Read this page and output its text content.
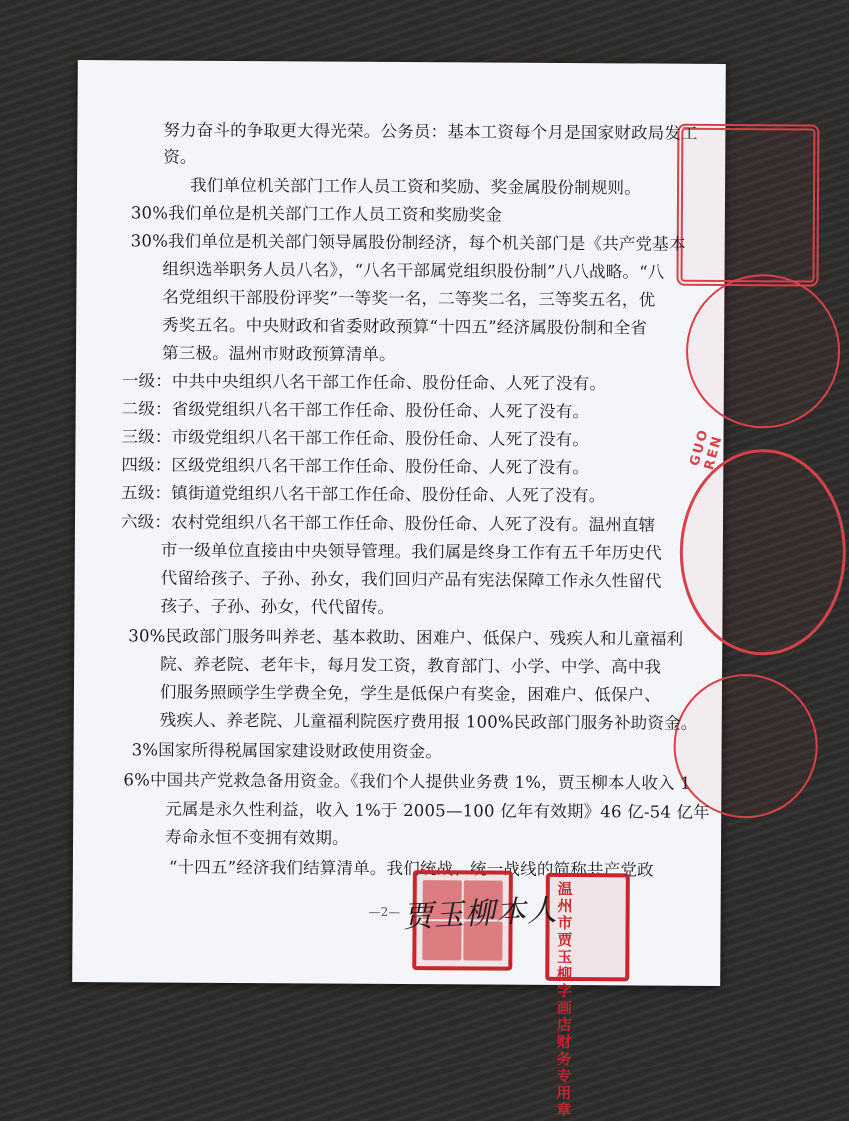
GUO REN
努力奋斗的争取更大得光荣。公务员：基本工资每个月是国家财政局发工
资。
我们单位机关部门工作人员工资和奖励、奖金属股份制规则。
30%我们单位是机关部门工作人员工资和奖励奖金
30%我们单位是机关部门领导属股份制经济，每个机关部门是《共产党基本
组织选举职务人员八名》，“八名干部属党组织股份制”八八战略。“八
名党组织干部股份评奖”一等奖一名，二等奖二名，三等奖五名，优
秀奖五名。中央财政和省委财政预算“十四五”经济属股份制和全省
第三极。温州市财政预算清单。
一级：中共中央组织八名干部工作任命、股份任命、人死了没有。
二级：省级党组织八名干部工作任命、股份任命、人死了没有。
三级：市级党组织八名干部工作任命、股份任命、人死了没有。
四级：区级党组织八名干部工作任命、股份任命、人死了没有。
五级：镇街道党组织八名干部工作任命、股份任命、人死了没有。
六级：农村党组织八名干部工作任命、股份任命、人死了没有。温州直辖
市一级单位直接由中央领导管理。我们属是终身工作有五千年历史代
代留给孩子、子孙、孙女，我们回归产品有宪法保障工作永久性留代
孩子、子孙、孙女，代代留传。
30%民政部门服务叫养老、基本救助、困难户、低保户、残疾人和儿童福利
院、养老院、老年卡，每月发工资，教育部门、小学、中学、高中我
们服务照顾学生学费全免，学生是低保户有奖金，困难户、低保户、
残疾人、养老院、儿童福利院医疗费用报 100%民政部门服务补助资金。
3%国家所得税属国家建设财政使用资金。
6%中国共产党救急备用资金。《我们个人提供业务费 1%，贾玉柳本人收入 1
元属是永久性利益，收入 1%于 2005—100 亿年有效期》46 亿-54 亿年
寿命永恒不变拥有效期。
“十四五”经济我们结算清单。我们统战、统一战线的简称共产党政
—2—
温州市贾玉柳字画店财务专用章
贾玉柳本人
